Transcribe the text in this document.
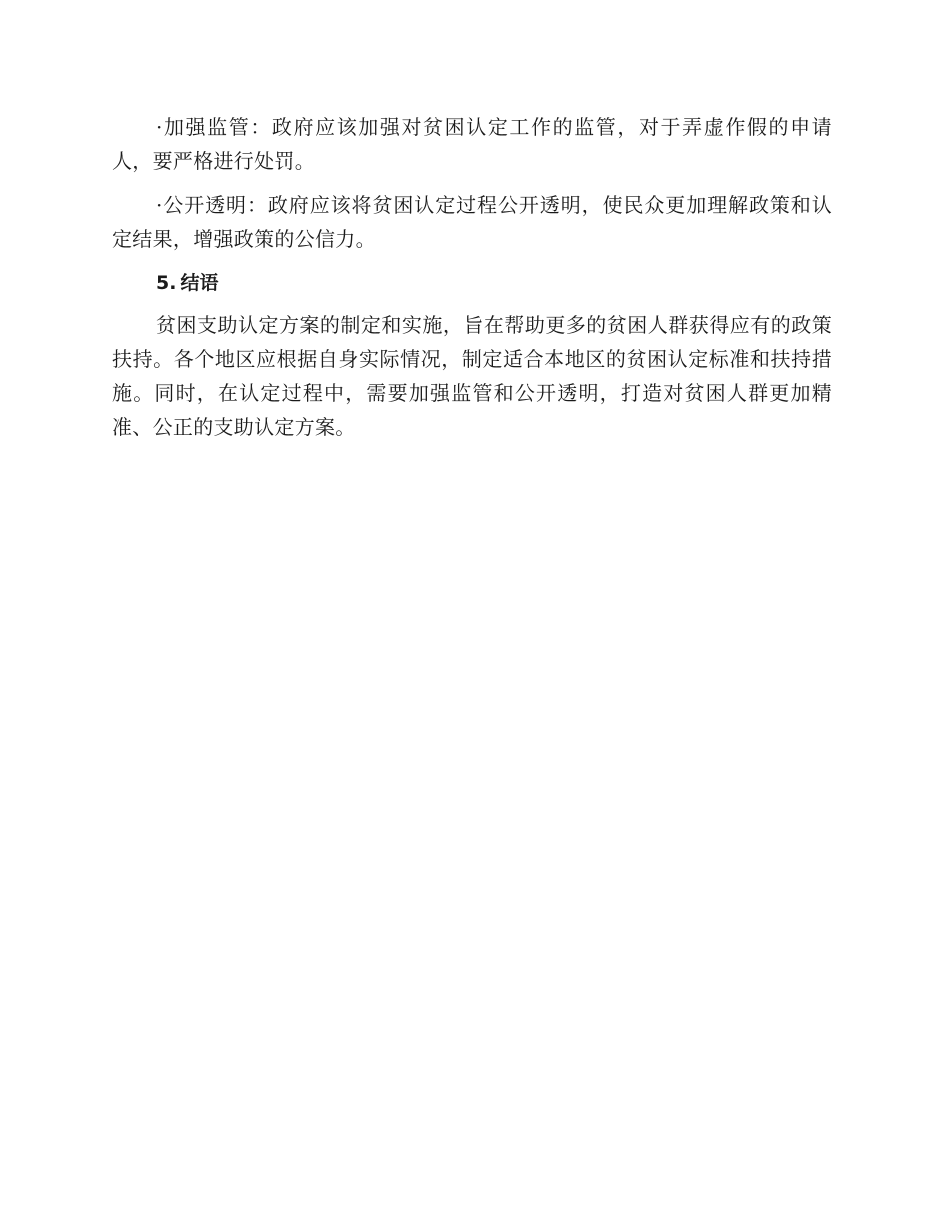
·加强监管：政府应该加强对贫困认定工作的监管，对于弄虚作假的申请人，要严格进行处罚。

·公开透明：政府应该将贫困认定过程公开透明，使民众更加理解政策和认定结果，增强政策的公信力。

5. 结语

贫困支助认定方案的制定和实施，旨在帮助更多的贫困人群获得应有的政策扶持。各个地区应根据自身实际情况，制定适合本地区的贫困认定标准和扶持措施。同时，在认定过程中，需要加强监管和公开透明，打造对贫困人群更加精准、公正的支助认定方案。
